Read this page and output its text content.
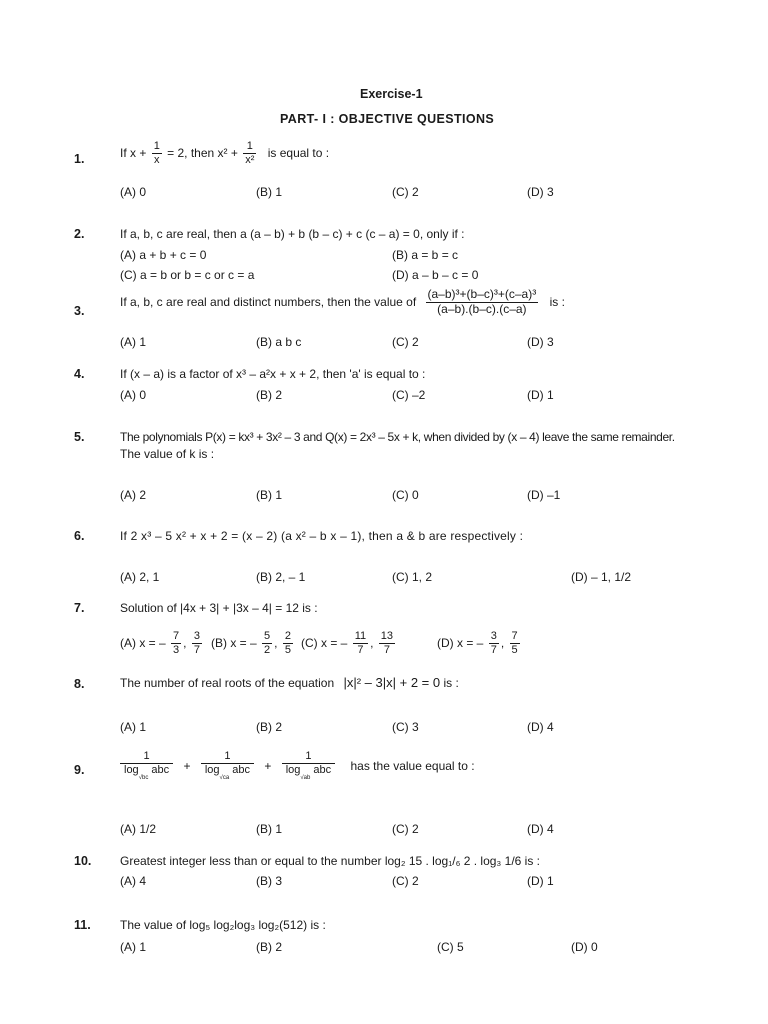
Exercise-1
PART- I : OBJECTIVE QUESTIONS
1.	If $x + \frac{1}{x} = 2$, then $x^2 + \frac{1}{\text{x²}}$ is equal to :
(A) 0	(B) 1	(C) 2	(D) 3
2.	If a, b, c are real, then a (a – b) + b (b – c) + c (c – a) = 0, only if :
(A) a + b + c = 0	(B) a = b = c
(C) a = b or b = c or c = a	(D) a – b – c = 0
3.
If a, b, c are real and distinct numbers, then the value of $\frac{\text{(a–b)³+(b–c)³+(c–a)³}}{(a-b).(b-c).(c-a)}$ is :
(A) 1	(B) a b c	(C) 2	(D) 3
4.	If (x – a) is a factor of x³ – a²x + x + 2, then 'a' is equal to :
(A) 0	(B) 2	(C) –2	(D) 1
5.	The polynomials P(x) = kx³ + 3x² – 3 and Q(x) = 2x³ – 5x + k, when divided by (x – 4) leave the same remainder.
The value of k is :
(A) 2	(B) 1	(C) 0	(D) –1
6.	If 2 x³ – 5 x² + x + 2 = (x – 2) (a x² – b x – 1), then a & b are respectively :
(A) 2, 1	(B) 2, – 1	(C) 1, 2	(D) – 1, 1/2
7.	Solution of |4x + 3| + |3x – 4| = 12 is :
(A) x = – $\frac{7}{3}$ , $\frac{3}{7} (B) x$ = – $\frac{5}{2}$ , $\frac{2}{5} (C) x$ = – $\frac{11}{7}$ , $\frac{13}{7}$	(D) x = – $\frac{3}{7}$ , $\frac{7}{5}$
8.	The number of real roots of the equation |x|² – 3|x| + 2 = 0 is :
(A) 1	(B) 2	(C) 3	(D) 4
9.	$\frac{1}{\log_{√bc} abc} + \frac{1}{\log_{√ca} abc} + \frac{1}{\log_{√ab} abc}$ has the value equal to :
(A) 1/2	(B) 1	(C) 2	(D) 4
10. Greatest integer less than or equal to the number log₂ 15 . log₁/₆ 2 . log₃ 1/6 is :
(A) 4	(B) 3	(C) 2	(D) 1
11. The value of log₅ log₂log₃ log₂(512) is :
(A) 1	(B) 2	(C) 5	(D) 0
